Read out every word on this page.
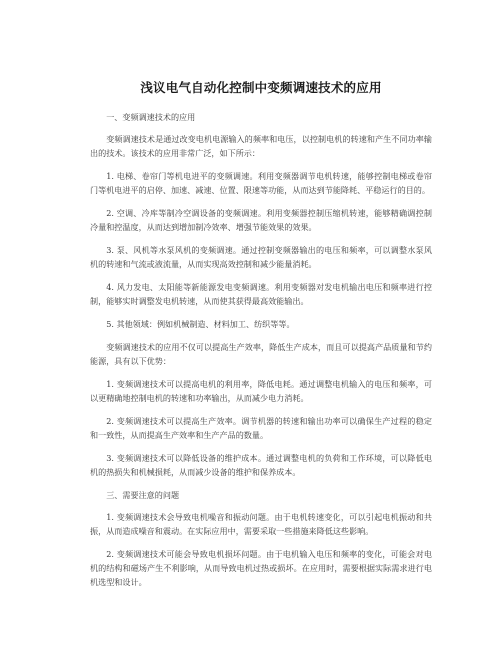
浅议电气自动化控制中变频调速技术的应用

一、变频调速技术的应用

变频调速技术是通过改变电机电源输入的频率和电压，以控制电机的转速和产生不同功率输出的技术。该技术的应用非常广泛，如下所示：

1. 电梯、卷帘门等机电进平的变频调速。利用变频器调节电机转速，能够控制电梯或卷帘门等机电进平的启停、加速、减速、位置、限速等功能，从而达到节能降耗、平稳运行的目的。

2. 空调、冷库等制冷空调设备的变频调速。利用变频器控制压缩机转速，能够精确调控制冷量和控温度，从而达到增加制冷效率、增强节能效果的效果。

3. 泵、风机等水泵风机的变频调速。通过控制变频器输出的电压和频率，可以调整水泵风机的转速和气流或液流量，从而实现高效控制和减少能量消耗。

4. 风力发电、太阳能等新能源发电变频调速。利用变频器对发电机输出电压和频率进行控制，能够实时调整发电机转速，从而使其获得最高效能输出。

5. 其他领域：例如机械制造、材料加工、纺织等等。

变频调速技术的应用不仅可以提高生产效率，降低生产成本，而且可以提高产品质量和节约能源，具有以下优势：

1. 变频调速技术可以提高电机的利用率，降低电耗。通过调整电机输入的电压和频率，可以更精确地控制电机的转速和功率输出，从而减少电力消耗。

2. 变频调速技术可以提高生产效率。调节机器的转速和输出功率可以确保生产过程的稳定和一致性，从而提高生产效率和生产产品的数量。

3. 变频调速技术可以降低设备的维护成本。通过调整电机的负荷和工作环境，可以降低电机的热损失和机械损耗，从而减少设备的维护和保养成本。

三、需要注意的问题

1. 变频调速技术会导致电机噪音和振动问题。由于电机转速变化，可以引起电机振动和共振，从而造成噪音和震动。在实际应用中，需要采取一些措施来降低这些影响。

2. 变频调速技术可能会导致电机损坏问题。由于电机输入电压和频率的变化，可能会对电机的结构和磁场产生不利影响，从而导致电机过热或损坏。在应用时，需要根据实际需求进行电机选型和设计。
